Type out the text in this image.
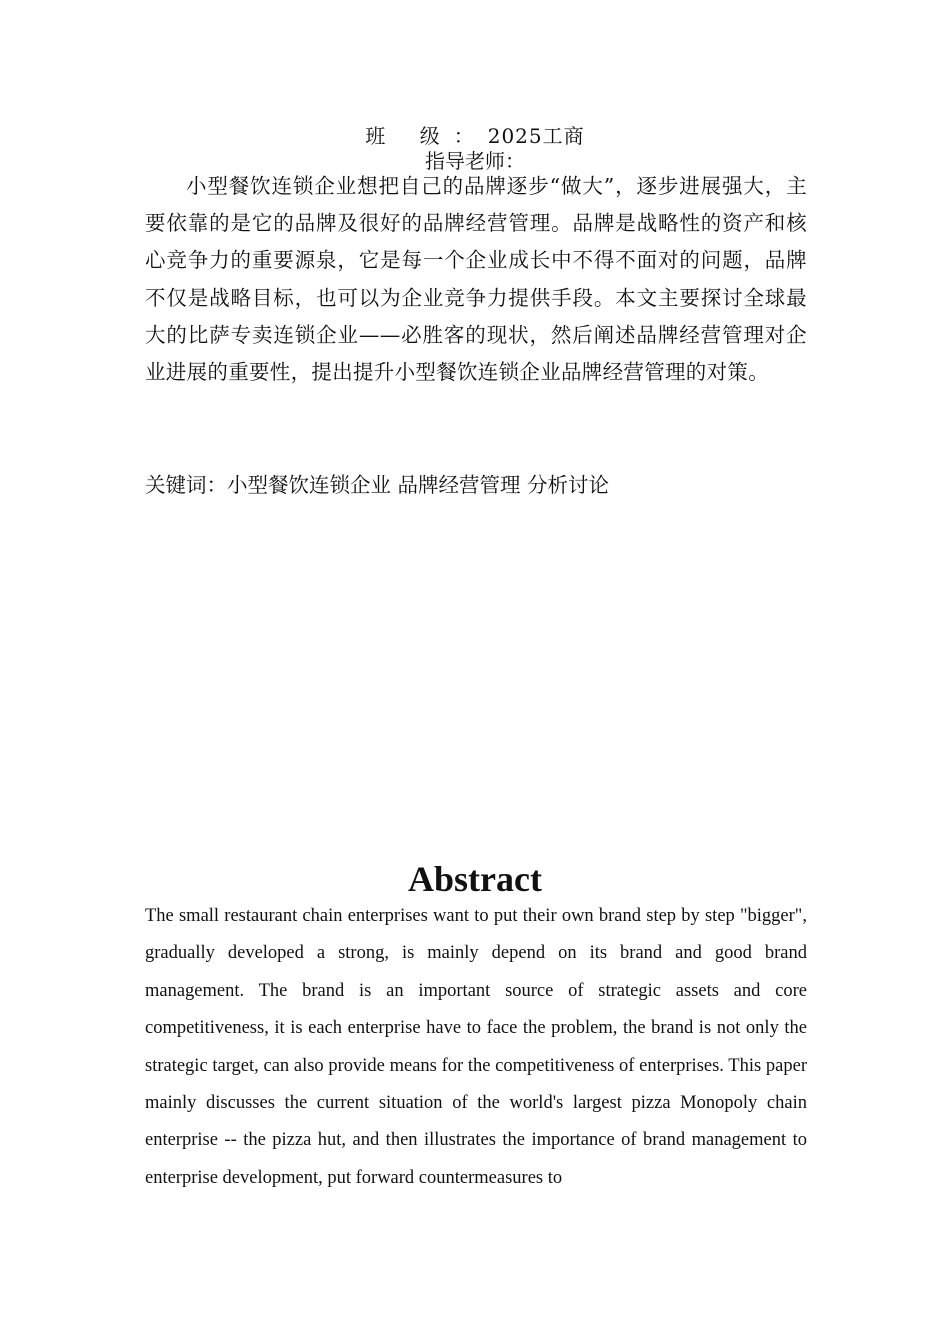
班 级：2025工商
指导老师：

小型餐饮连锁企业想把自己的品牌逐步“做大”，逐步进展强大，主要依靠的是它的品牌及很好的品牌经营管理。品牌是战略性的资产和核心竞争力的重要源泉，它是每一个企业成长中不得不面对的问题，品牌不仅是战略目标，也可以为企业竞争力提供手段。本文主要探讨全球最大的比萨专卖连锁企业——必胜客的现状，然后阐述品牌经营管理对企业进展的重要性，提出提升小型餐饮连锁企业品牌经营管理的对策。

关键词：小型餐饮连锁企业 品牌经营管理 分析讨论
Abstract

The small restaurant chain enterprises want to put their own brand step by step "bigger", gradually developed a strong, is mainly depend on its brand and good brand management. The brand is an important source of strategic assets and core competitiveness, it is each enterprise have to face the problem, the brand is not only the strategic target, can also provide means for the competitiveness of enterprises. This paper mainly discusses the current situation of the world's largest pizza Monopoly chain enterprise -- the pizza hut, and then illustrates the importance of brand management to enterprise development, put forward countermeasures to
